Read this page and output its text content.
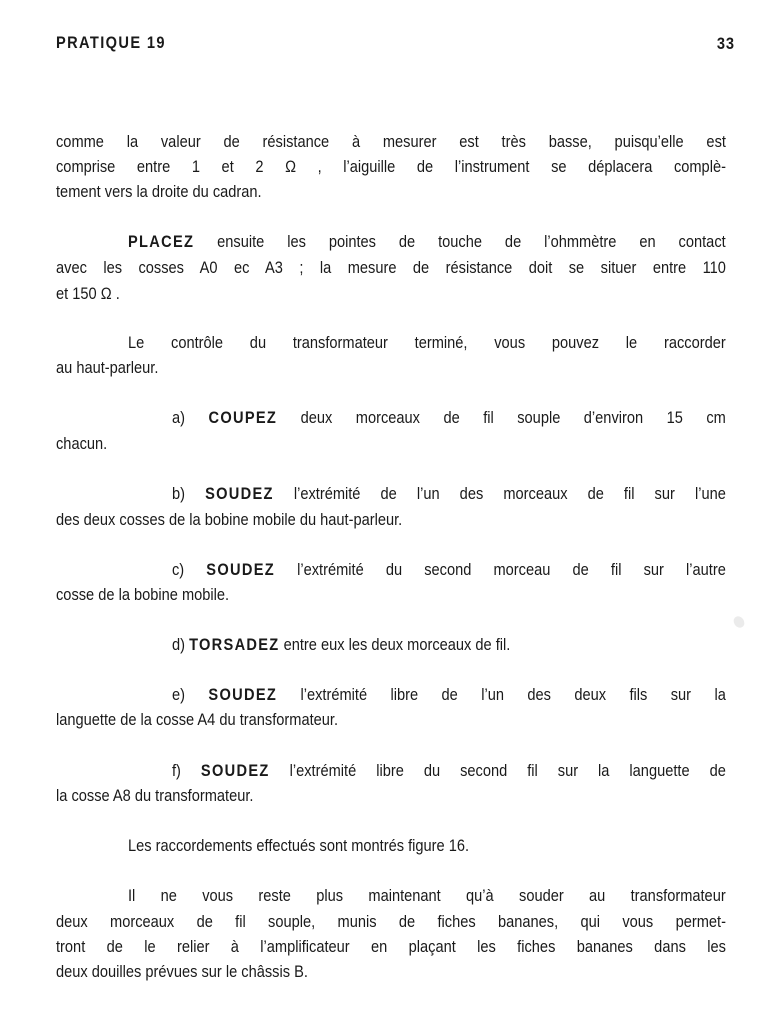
PRATIQUE 19	33
comme la valeur de résistance à mesurer est très basse, puisqu’elle est
comprise entre 1 et 2 Ω , l’aiguille de l’instrument se déplacera complè-
tement vers la droite du cadran.
PLACEZ ensuite les pointes de touche de l’ohmmètre en contact
avec les cosses A0 ec A3 ; la mesure de résistance doit se situer entre 110
et 150 Ω .
Le contrôle du transformateur terminé, vous pouvez le raccorder
au haut-parleur.
a) COUPEZ deux morceaux de fil souple d’environ 15 cm
chacun.
b) SOUDEZ l’extrémité de l’un des morceaux de fil sur l’une
des deux cosses de la bobine mobile du haut-parleur.
c) SOUDEZ l’extrémité du second morceau de fil sur l’autre
cosse de la bobine mobile.
d) TORSADEZ entre eux les deux morceaux de fil.
e) SOUDEZ l’extrémité libre de l’un des deux fils sur la
languette de la cosse A4 du transformateur.
f) SOUDEZ l’extrémité libre du second fil sur la languette de
la cosse A8 du transformateur.
Les raccordements effectués sont montrés figure 16.
Il ne vous reste plus maintenant qu’à souder au transformateur
deux morceaux de fil souple, munis de fiches bananes, qui vous permet-
tront de le relier à l’amplificateur en plaçant les fiches bananes dans les
deux douilles prévues sur le châssis B.
